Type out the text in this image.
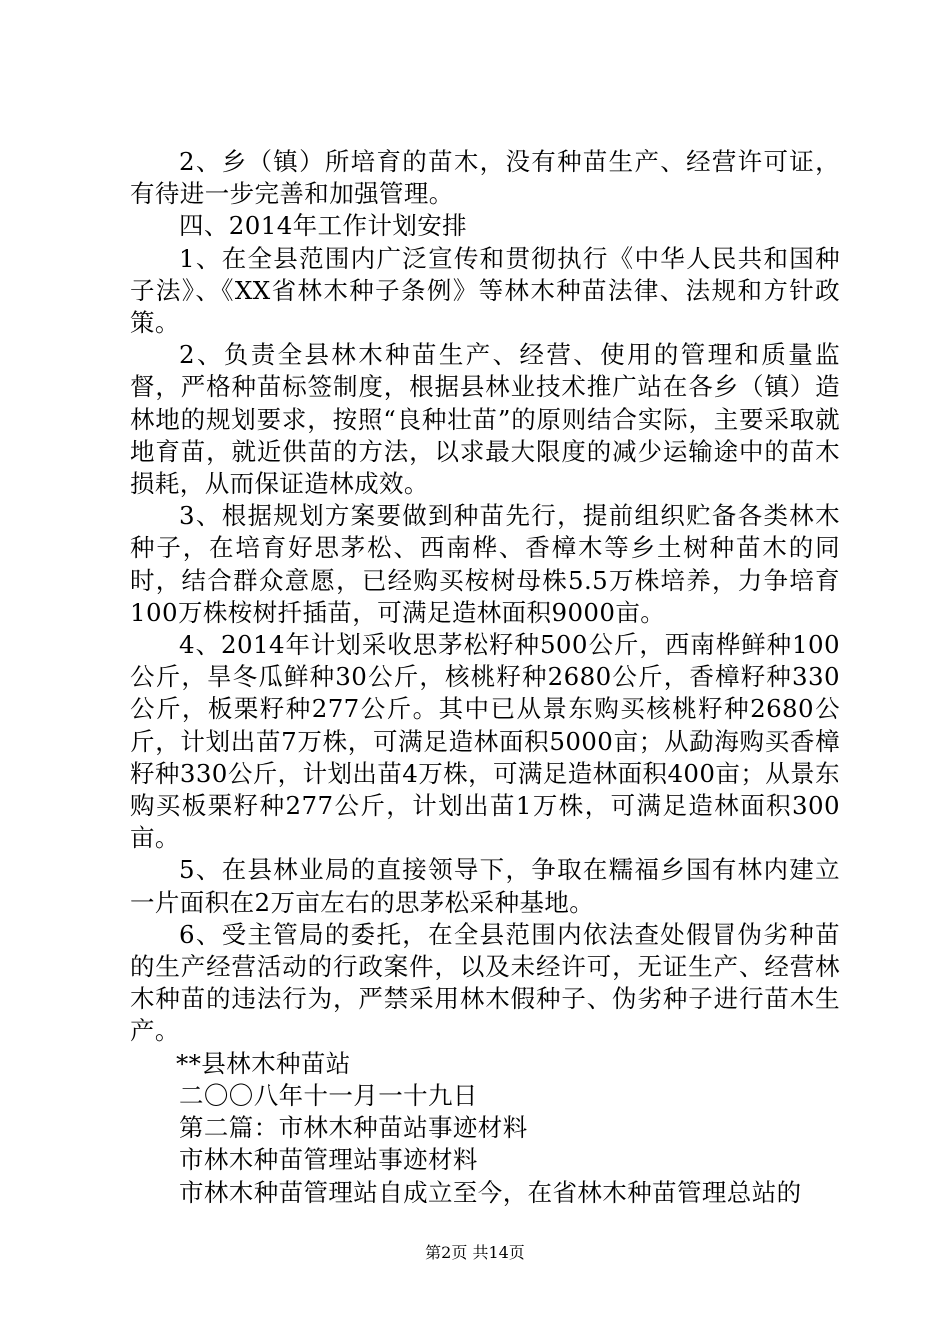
2、乡（镇）所培育的苗木，没有种苗生产、经营许可证，有待进一步完善和加强管理。

四、2014年工作计划安排

1、在全县范围内广泛宣传和贯彻执行《中华人民共和国种子法》、《XX省林木种子条例》等林木种苗法律、法规和方针政策。

2、负责全县林木种苗生产、经营、使用的管理和质量监督，严格种苗标签制度，根据县林业技术推广站在各乡（镇）造林地的规划要求，按照“良种壮苗”的原则结合实际，主要采取就地育苗，就近供苗的方法，以求最大限度的减少运输途中的苗木损耗，从而保证造林成效。

3、根据规划方案要做到种苗先行，提前组织贮备各类林木种子，在培育好思茅松、西南桦、香樟木等乡土树种苗木的同时，结合群众意愿，已经购买桉树母株5.5万株培养，力争培育100万株桉树扦插苗，可满足造林面积9000亩。

4、2014年计划采收思茅松籽种500公斤，西南桦鲜种100公斤，旱冬瓜鲜种30公斤，核桃籽种2680公斤，香樟籽种330公斤，板栗籽种277公斤。其中已从景东购买核桃籽种2680公斤，计划出苗7万株，可满足造林面积5000亩；从勐海购买香樟籽种330公斤，计划出苗4万株，可满足造林面积400亩；从景东购买板栗籽种277公斤，计划出苗1万株，可满足造林面积300亩。

5、在县林业局的直接领导下，争取在糯福乡国有林内建立一片面积在2万亩左右的思茅松采种基地。

6、受主管局的委托，在全县范围内依法查处假冒伪劣种苗的生产经营活动的行政案件，以及未经许可，无证生产、经营林木种苗的违法行为，严禁采用林木假种子、伪劣种子进行苗木生产。

**县林木种苗站

二〇〇八年十一月一十九日

第二篇：市林木种苗站事迹材料

市林木种苗管理站事迹材料

市林木种苗管理站自成立至今，在省林木种苗管理总站的

第2页 共14页
